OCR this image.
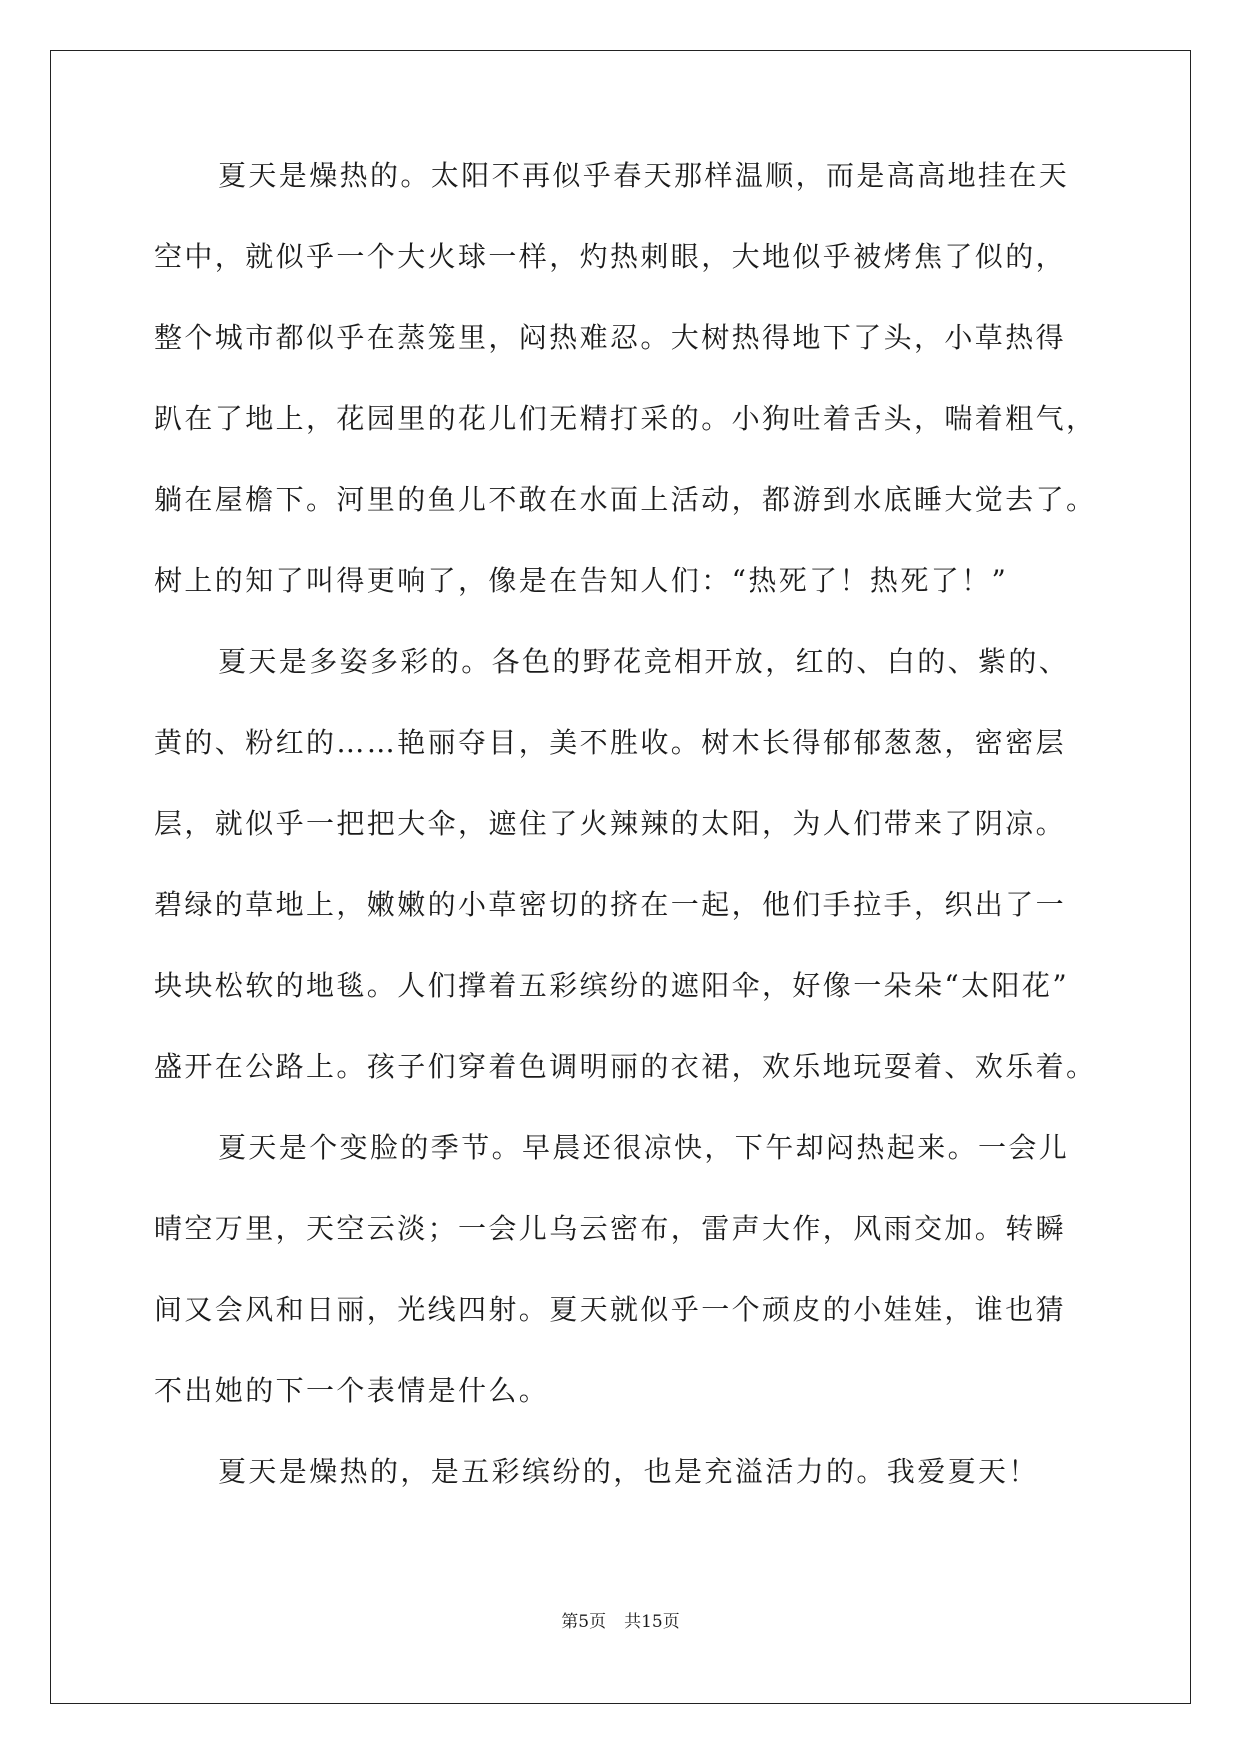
夏天是燥热的。太阳不再似乎春天那样温顺，而是高高地挂在天
空中，就似乎一个大火球一样，灼热刺眼，大地似乎被烤焦了似的，
整个城市都似乎在蒸笼里，闷热难忍。大树热得地下了头，小草热得
趴在了地上，花园里的花儿们无精打采的。小狗吐着舌头，喘着粗气，
躺在屋檐下。河里的鱼儿不敢在水面上活动，都游到水底睡大觉去了。
树上的知了叫得更响了，像是在告知人们：“热死了！热死了！”
夏天是多姿多彩的。各色的野花竞相开放，红的、白的、紫的、
黄的、粉红的……艳丽夺目，美不胜收。树木长得郁郁葱葱，密密层
层，就似乎一把把大伞，遮住了火辣辣的太阳，为人们带来了阴凉。
碧绿的草地上，嫩嫩的小草密切的挤在一起，他们手拉手，织出了一
块块松软的地毯。人们撑着五彩缤纷的遮阳伞，好像一朵朵“太阳花”
盛开在公路上。孩子们穿着色调明丽的衣裙，欢乐地玩耍着、欢乐着。
夏天是个变脸的季节。早晨还很凉快，下午却闷热起来。一会儿
晴空万里，天空云淡；一会儿乌云密布，雷声大作，风雨交加。转瞬
间又会风和日丽，光线四射。夏天就似乎一个顽皮的小娃娃，谁也猜
不出她的下一个表情是什么。
夏天是燥热的，是五彩缤纷的，也是充溢活力的。我爱夏天！
第5页 共15页
